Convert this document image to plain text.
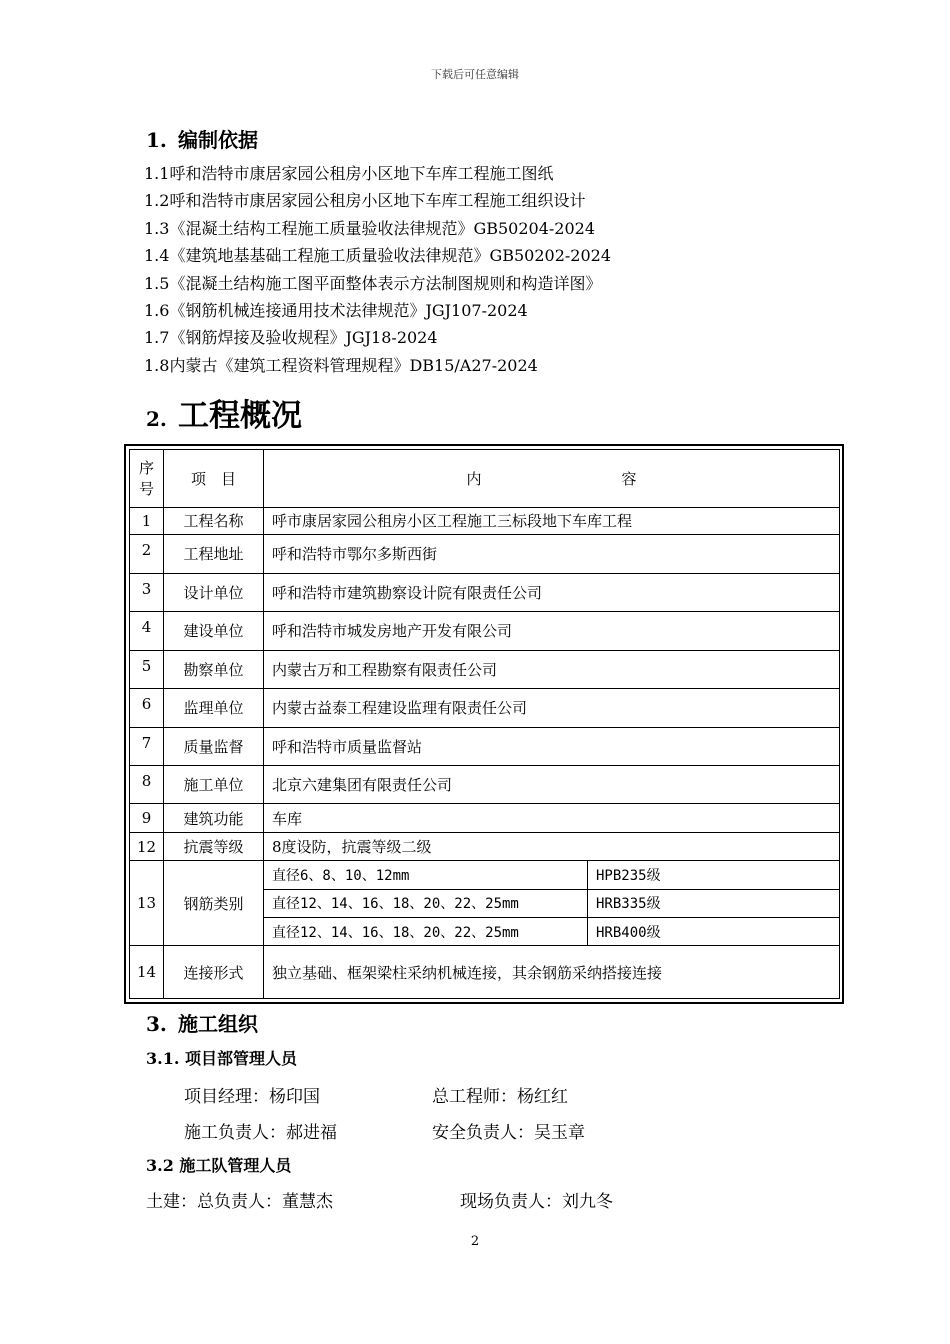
下载后可任意编辑
1. 编制依据
1.1呼和浩特市康居家园公租房小区地下车库工程施工图纸
1.2呼和浩特市康居家园公租房小区地下车库工程施工组织设计
1.3《混凝土结构工程施工质量验收法律规范》GB50204-2024
1.4《建筑地基基础工程施工质量验收法律规范》GB50202-2024
1.5《混凝土结构施工图平面整体表示方法制图规则和构造详图》
1.6《钢筋机械连接通用技术法律规范》JGJ107-2024
1.7《钢筋焊接及验收规程》JGJ18-2024
1.8内蒙古《建筑工程资料管理规程》DB15/A27-2024
2. 工程概况
序
号	项　目	内 容	
1	工程名称	呼市康居家园公租房小区工程施工三标段地下车库工程	
2	工程地址	呼和浩特市鄂尔多斯西街	
3	设计单位	呼和浩特市建筑勘察设计院有限责任公司	
4	建设单位	呼和浩特市城发房地产开发有限公司	
5	勘察单位	内蒙古万和工程勘察有限责任公司	
6	监理单位	内蒙古益泰工程建设监理有限责任公司	
7	质量监督	呼和浩特市质量监督站	
8	施工单位	北京六建集团有限责任公司	
9	建筑功能	车库	
12	抗震等级	8度设防，抗震等级二级	
13	钢筋类别	直径6、8、10、12mm	HPB235级
		直径12、14、16、18、20、22、25mm	HRB335级
		直径12、14、16、18、20、22、25mm	HRB400级
14	连接形式	独立基础、框架梁柱采纳机械连接，其余钢筋采纳搭接连接	
3. 施工组织
3.1. 项目部管理人员
项目经理：杨印国	总工程师：杨红红
施工负责人：郝进福	安全负责人：吴玉章
3.2 施工队管理人员
土建：总负责人：董慧杰	现场负责人：刘九冬
2
